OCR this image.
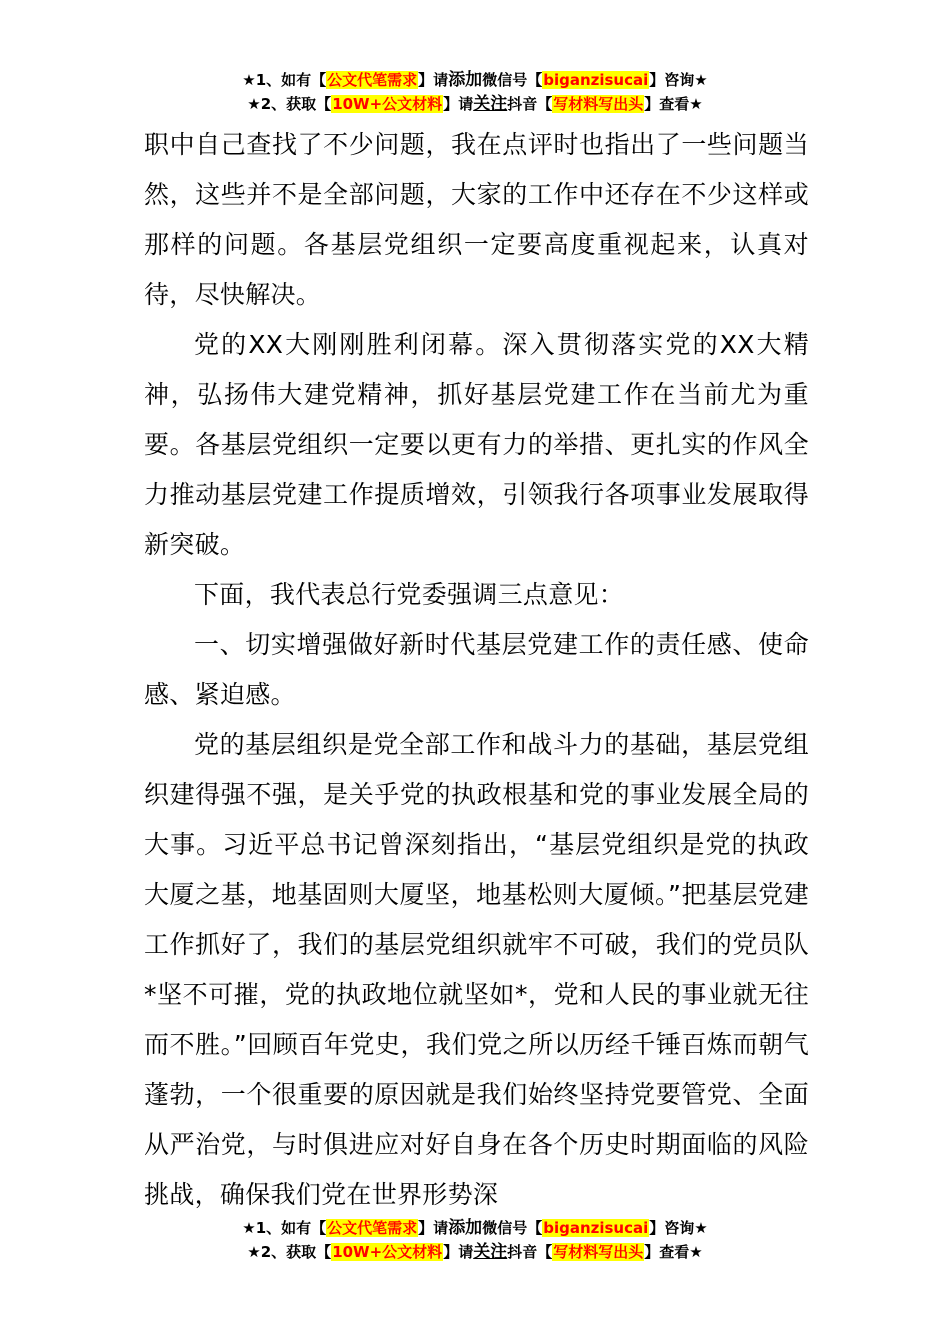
★1、如有【公文代笔需求】请添加微信号【biganzisucai】咨询★
★2、获取【10W+公文材料】请关注抖音【写材料写出头】查看★

职中自己查找了不少问题，我在点评时也指出了一些问题当然，这些并不是全部问题，大家的工作中还存在不少这样或那样的问题。各基层党组织一定要高度重视起来，认真对待，尽快解决。

党的XX大刚刚胜利闭幕。深入贯彻落实党的XX大精神，弘扬伟大建党精神，抓好基层党建工作在当前尤为重要。各基层党组织一定要以更有力的举措、更扎实的作风全力推动基层党建工作提质增效，引领我行各项事业发展取得新突破。

下面，我代表总行党委强调三点意见：

一、切实增强做好新时代基层党建工作的责任感、使命感、紧迫感。

党的基层组织是党全部工作和战斗力的基础，基层党组织建得强不强，是关乎党的执政根基和党的事业发展全局的大事。习近平总书记曾深刻指出，“基层党组织是党的执政大厦之基，地基固则大厦坚，地基松则大厦倾。”把基层党建工作抓好了，我们的基层党组织就牢不可破，我们的党员队*坚不可摧，党的执政地位就坚如*，党和人民的事业就无往而不胜。”回顾百年党史，我们党之所以历经千锤百炼而朝气蓬勃，一个很重要的原因就是我们始终坚持党要管党、全面从严治党，与时俱进应对好自身在各个历史时期面临的风险挑战，确保我们党在世界形势深

★1、如有【公文代笔需求】请添加微信号【biganzisucai】咨询★
★2、获取【10W+公文材料】请关注抖音【写材料写出头】查看★
